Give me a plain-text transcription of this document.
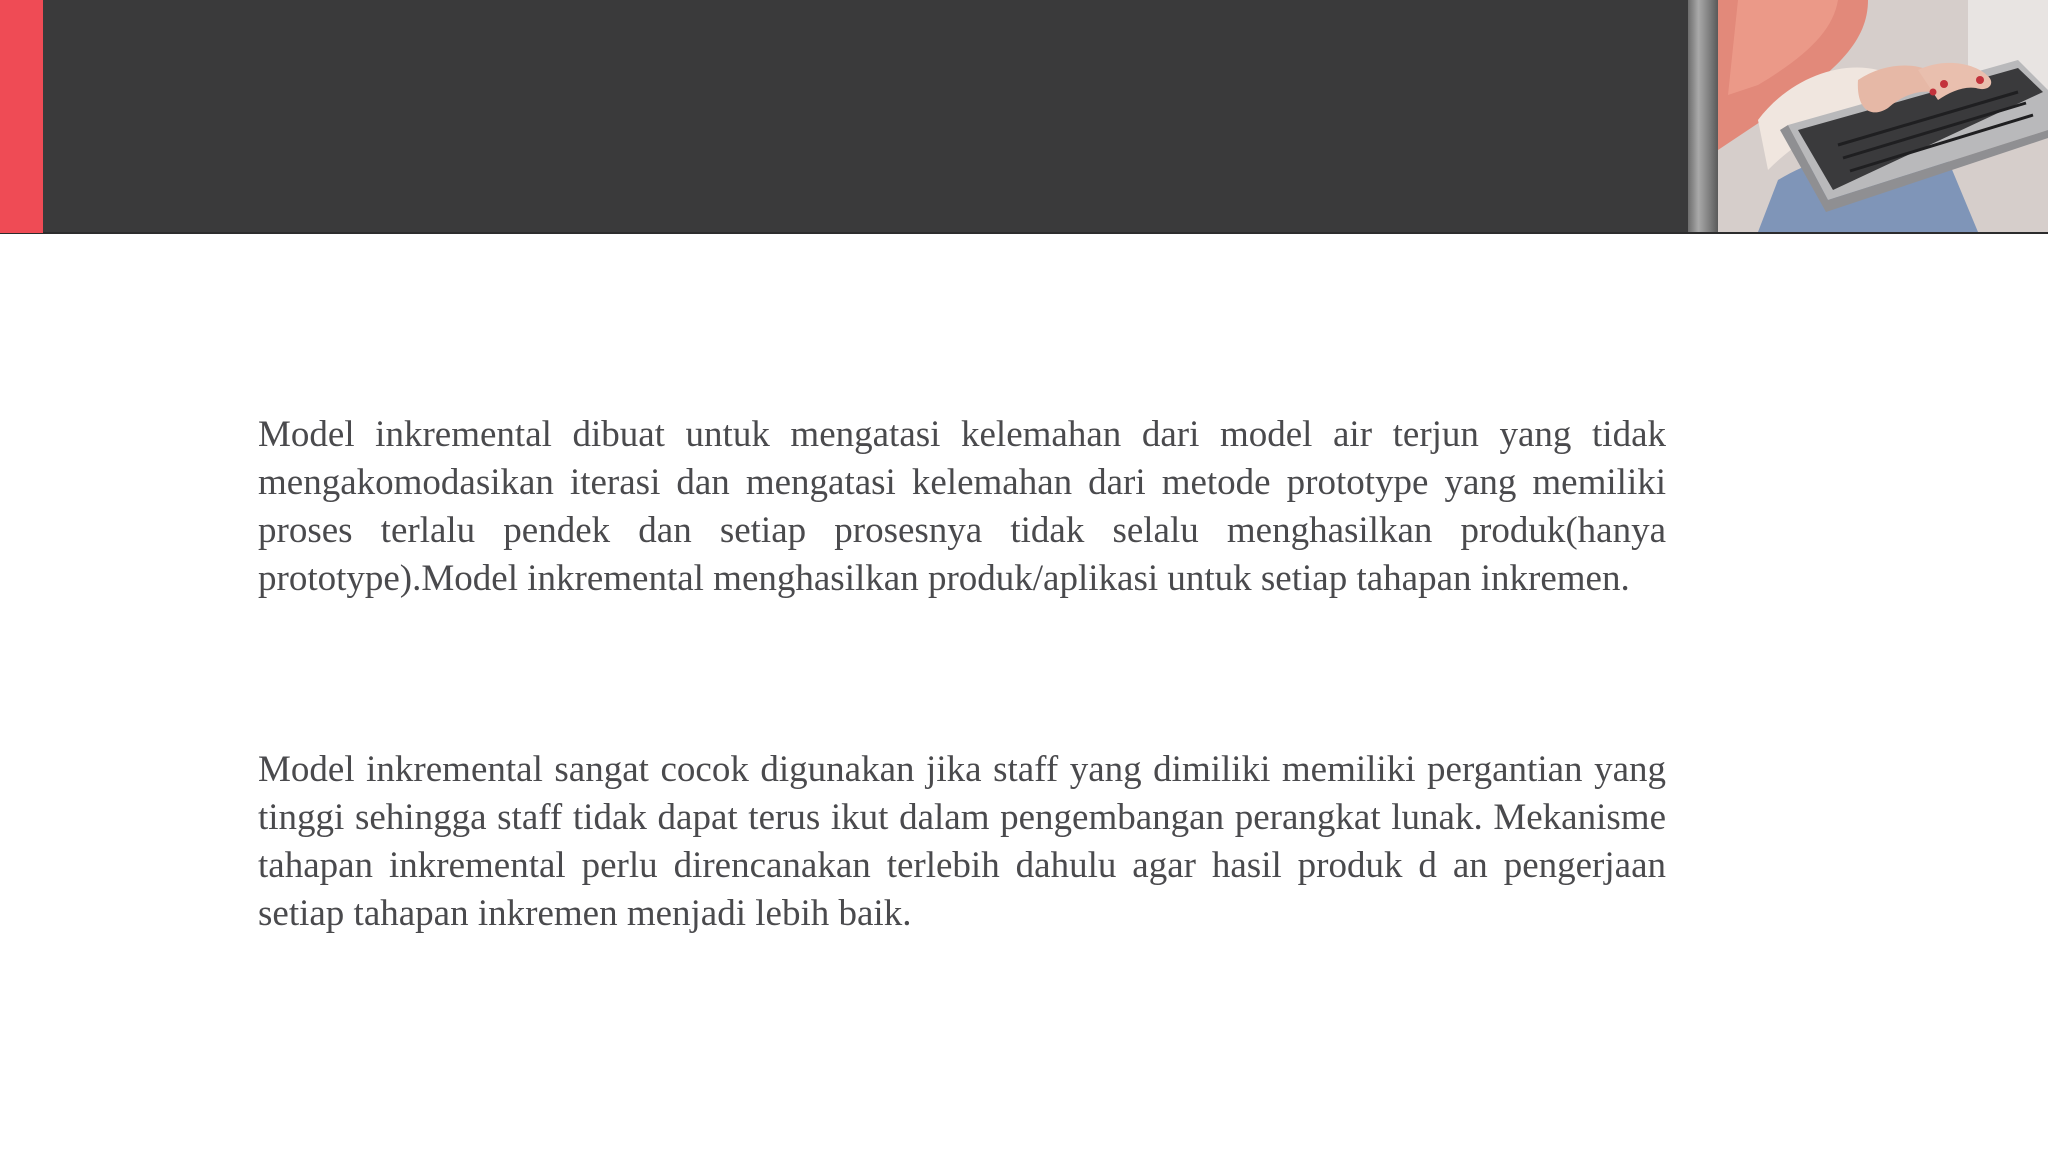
Model inkremental dibuat untuk mengatasi kelemahan dari model air terjun yang tidak mengakomodasikan iterasi dan mengatasi kelemahan dari metode prototype yang memiliki proses terlalu pendek dan setiap prosesnya tidak selalu menghasilkan produk(hanya prototype).Model inkremental menghasilkan produk/aplikasi untuk setiap tahapan inkremen.

Model inkremental sangat cocok digunakan jika staff yang dimiliki memiliki pergantian yang tinggi sehingga staff tidak dapat terus ikut dalam pengembangan perangkat lunak. Mekanisme tahapan inkremental perlu direncanakan terlebih dahulu agar hasil produk d an pengerjaan setiap tahapan inkremen menjadi lebih baik.
